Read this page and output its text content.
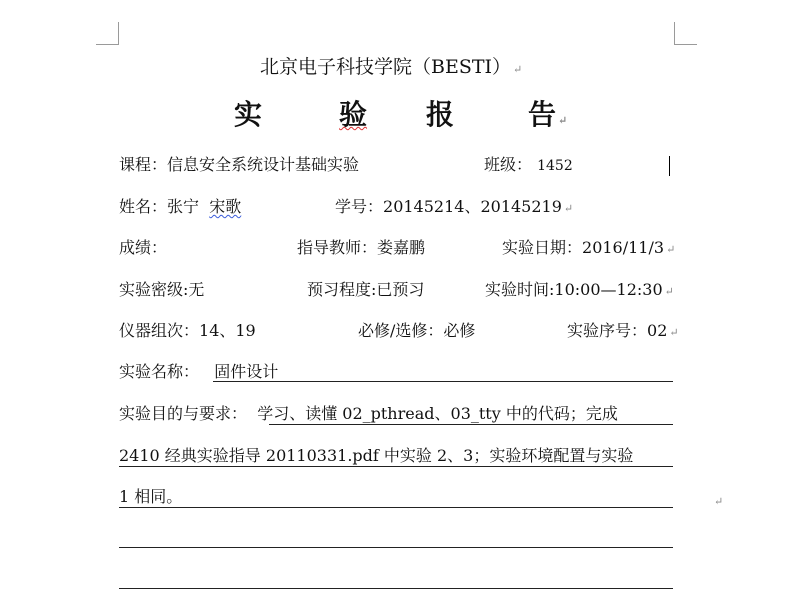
北京电子科技学院（BESTI） ↵
实	验 报	告 ↵
课程：信息安全系统设计基础实验	班级： 1452
姓名：张宁 宋歌	学号：20145214、20145219 ↵
成绩：	指导教师：娄嘉鹏	实验日期：2016/11/3 ↵
实验密级:无	预习程度:已预习	实验时间:10:00—12:30 ↵
仪器组次：14、19	必修/选修：必修	实验序号：02 ↵
实验名称： 固件设计
实验目的与要求： 学习、读懂 02_pthread、03_tty 中的代码；完成
2410 经典实验指导 20110331.pdf 中实验 2、3；实验环境配置与实验
1 相同。	↵
